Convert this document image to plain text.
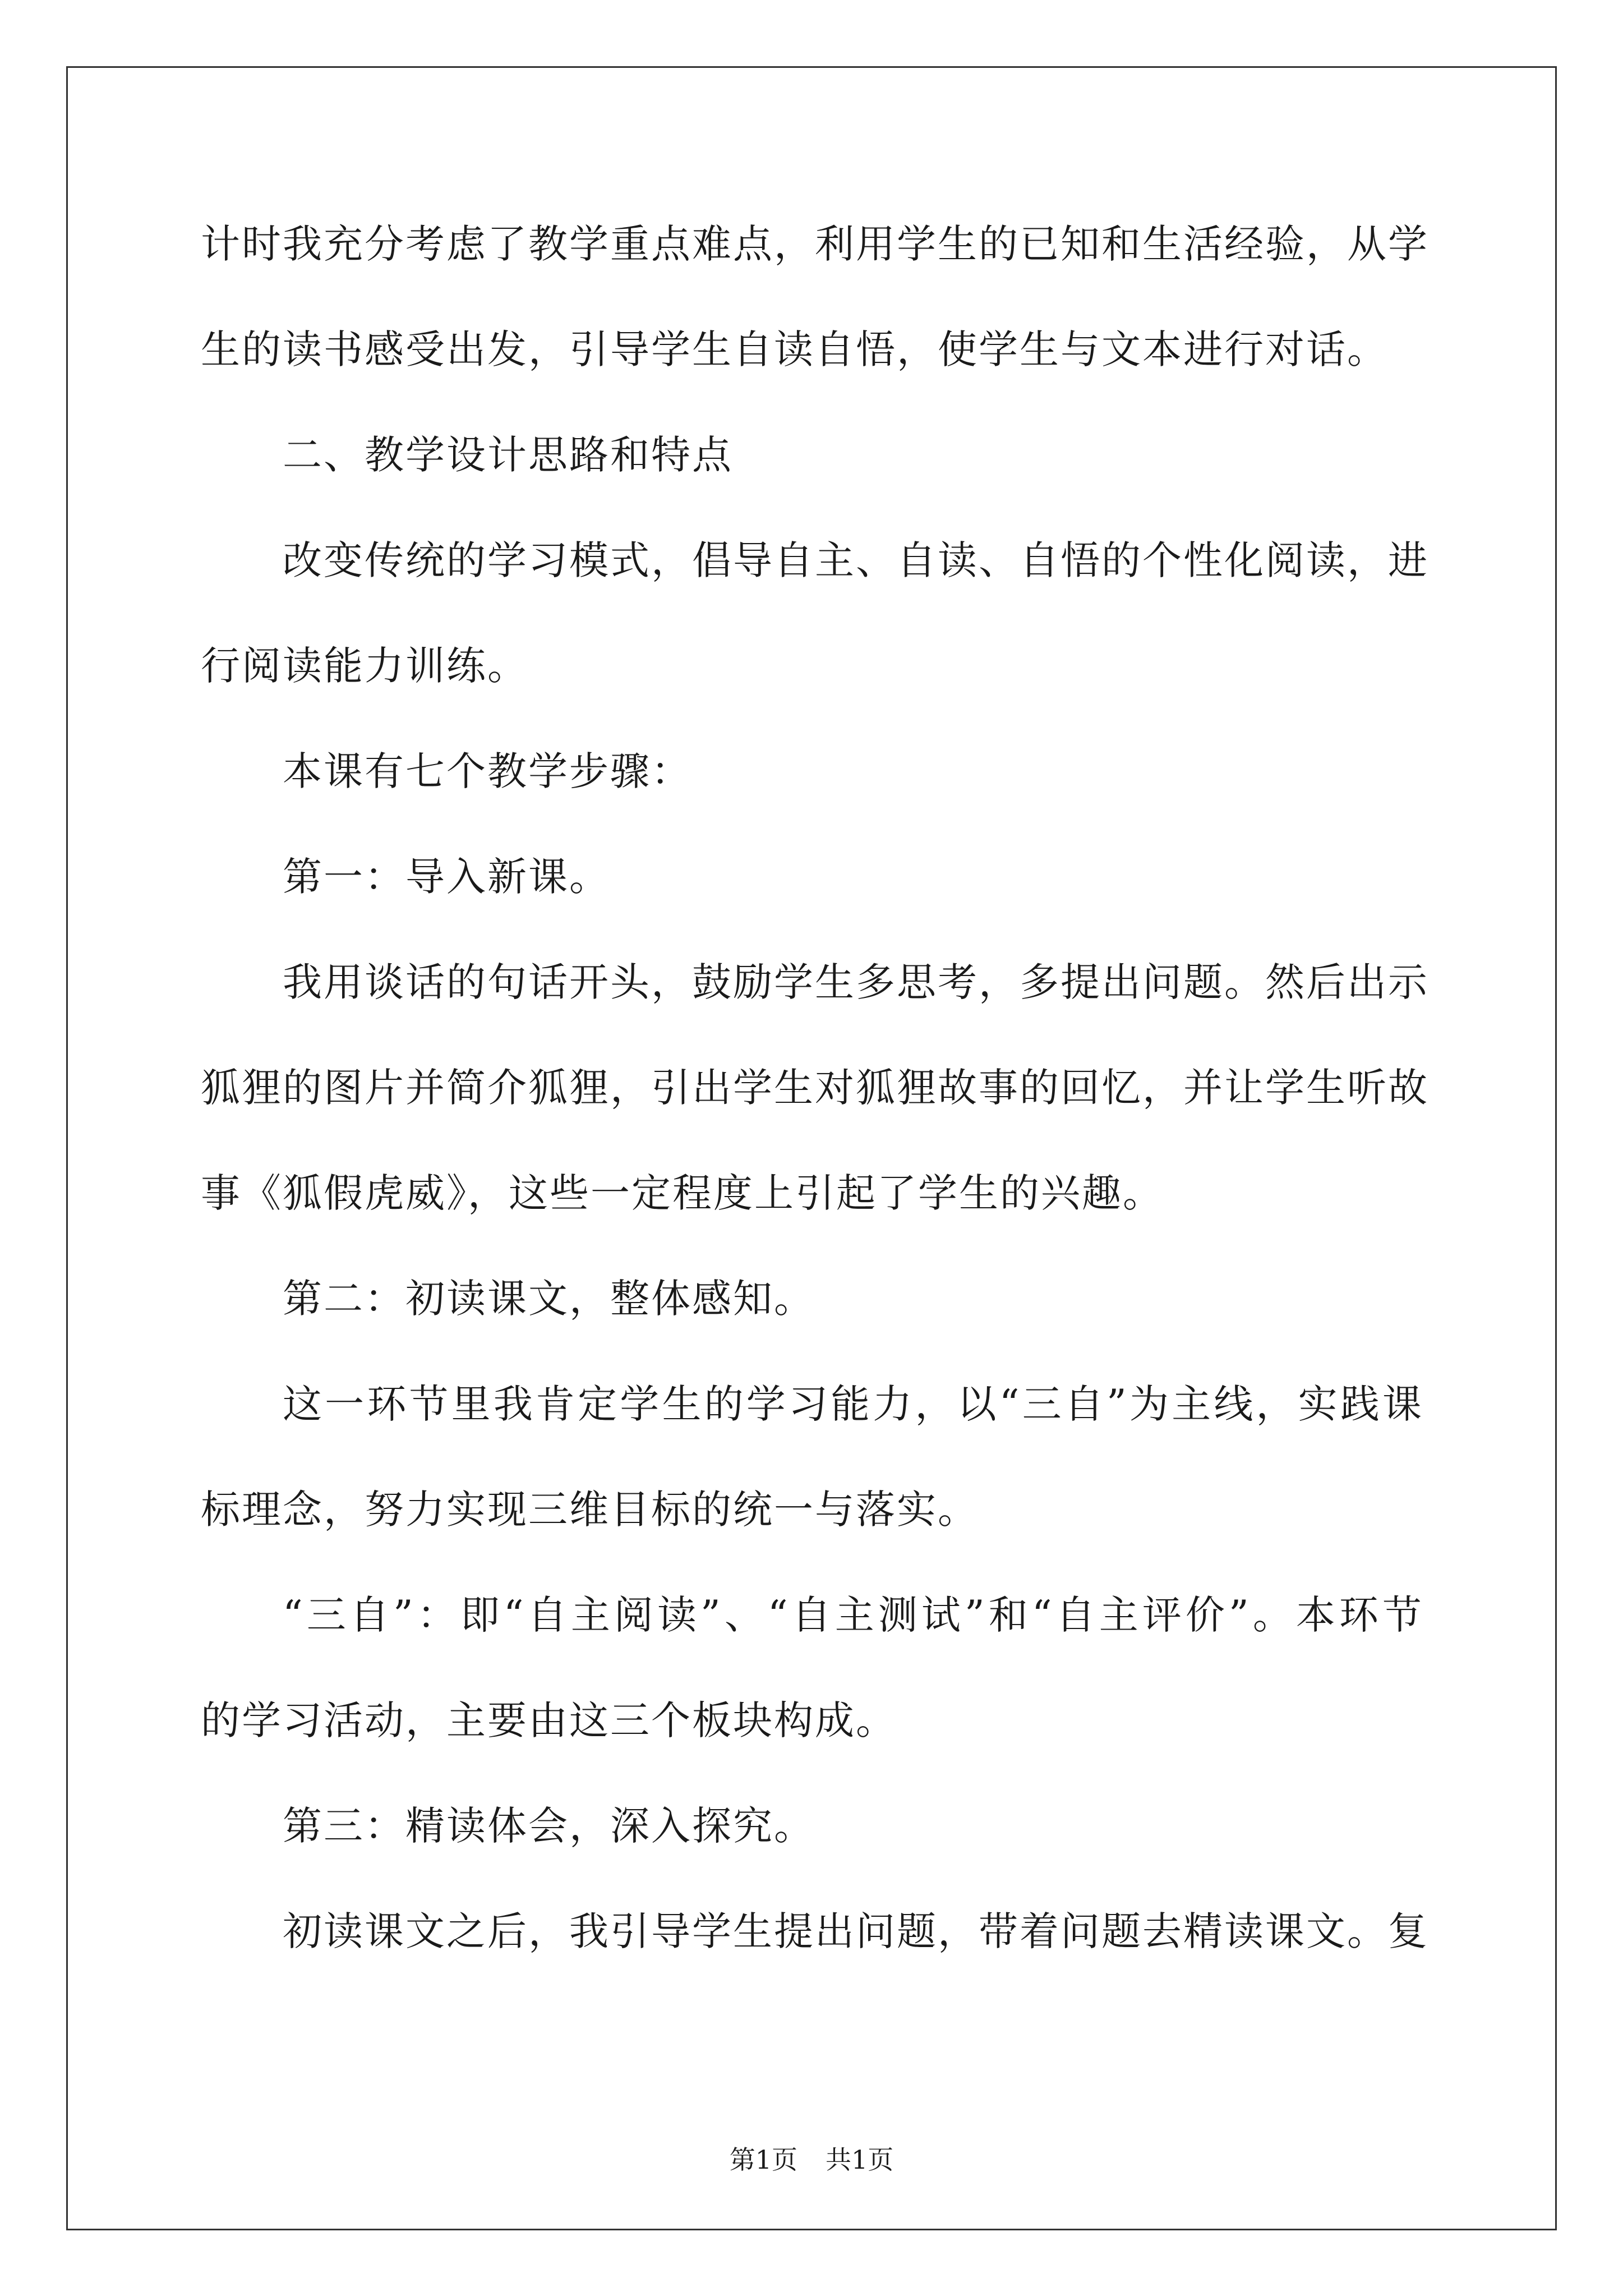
计时我充分考虑了教学重点难点，利用学生的已知和生活经验，从学
生的读书感受出发，引导学生自读自悟，使学生与文本进行对话。
二、教学设计思路和特点
改变传统的学习模式，倡导自主、自读、自悟的个性化阅读，进
行阅读能力训练。
本课有七个教学步骤：
第一：导入新课。
我用谈话的句话开头，鼓励学生多思考，多提出问题。然后出示
狐狸的图片并简介狐狸，引出学生对狐狸故事的回忆，并让学生听故
事《狐假虎威》，这些一定程度上引起了学生的兴趣。
第二：初读课文，整体感知。
这一环节里我肯定学生的学习能力，以“三自”为主线，实践课
标理念，努力实现三维目标的统一与落实。
“三自”：即“自主阅读”、“自主测试”和“自主评价”。本环节
的学习活动，主要由这三个板块构成。
第三：精读体会，深入探究。
初读课文之后，我引导学生提出问题，带着问题去精读课文。复
第1页 共1页
